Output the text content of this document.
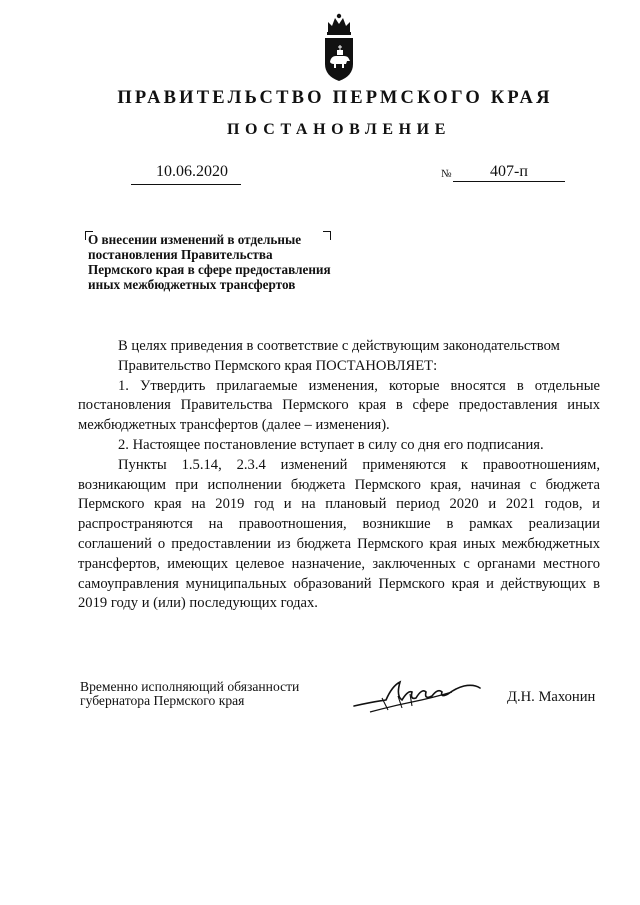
ПРАВИТЕЛЬСТВО ПЕРМСКОГО КРАЯ
ПОСТАНОВЛЕНИЕ
10.06.2020	№ 407-п
О внесении изменений в отдельные
постановления Правительства
Пермского края в сфере предоставления
иных межбюджетных трансфертов

В целях приведения в соответствие с действующим законодательством

Правительство Пермского края ПОСТАНОВЛЯЕТ:

1. Утвердить прилагаемые изменения, которые вносятся в отдельные постановления Правительства Пермского края в сфере предоставления иных межбюджетных трансфертов (далее – изменения).

2. Настоящее постановление вступает в силу со дня его подписания.

Пункты 1.5.14, 2.3.4 изменений применяются к правоотношениям, возникающим при исполнении бюджета Пермского края, начиная с бюджета Пермского края на 2019 год и на плановый период 2020 и 2021 годов, и распространяются на правоотношения, возникшие в рамках реализации соглашений о предоставлении из бюджета Пермского края иных межбюджетных трансфертов, имеющих целевое назначение, заключенных с органами местного самоуправления муниципальных образований Пермского края и действующих в 2019 году и (или) последующих годах.

Временно исполняющий обязанности
губернатора Пермского края	Д.Н. Махонин
